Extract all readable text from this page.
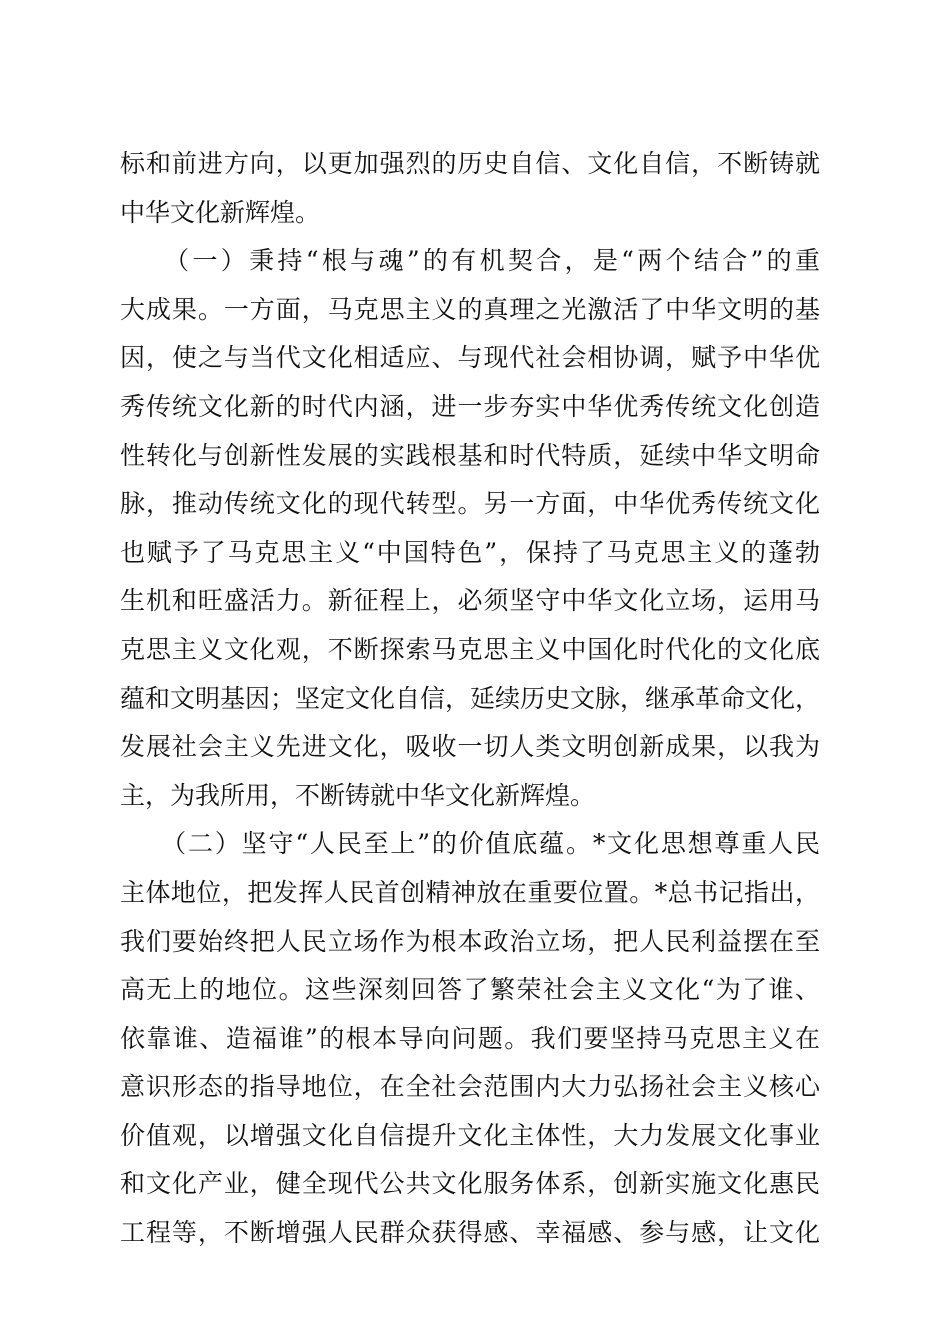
标和前进方向，以更加强烈的历史自信、文化自信，不断铸就
中华文化新辉煌。
　　（一）秉持“根与魂”的有机契合，是“两个结合”的重
大成果。一方面，马克思主义的真理之光激活了中华文明的基
因，使之与当代文化相适应、与现代社会相协调，赋予中华优
秀传统文化新的时代内涵，进一步夯实中华优秀传统文化创造
性转化与创新性发展的实践根基和时代特质，延续中华文明命
脉，推动传统文化的现代转型。另一方面，中华优秀传统文化
也赋予了马克思主义“中国特色”，保持了马克思主义的蓬勃
生机和旺盛活力。新征程上，必须坚守中华文化立场，运用马
克思主义文化观，不断探索马克思主义中国化时代化的文化底
蕴和文明基因；坚定文化自信，延续历史文脉，继承革命文化，
发展社会主义先进文化，吸收一切人类文明创新成果，以我为
主，为我所用，不断铸就中华文化新辉煌。
　　（二）坚守“人民至上”的价值底蕴。*文化思想尊重人民
主体地位，把发挥人民首创精神放在重要位置。*总书记指出，
我们要始终把人民立场作为根本政治立场，把人民利益摆在至
高无上的地位。这些深刻回答了繁荣社会主义文化“为了谁、
依靠谁、造福谁”的根本导向问题。我们要坚持马克思主义在
意识形态的指导地位，在全社会范围内大力弘扬社会主义核心
价值观，以增强文化自信提升文化主体性，大力发展文化事业
和文化产业，健全现代公共文化服务体系，创新实施文化惠民
工程等，不断增强人民群众获得感、幸福感、参与感，让文化
